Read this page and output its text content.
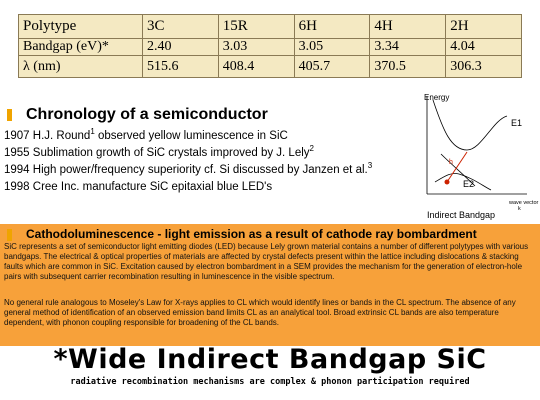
Polytype	3C	15R	6H	4H	2H
Bandgap (eV)*	2.40	3.03	3.05	3.34	4.04
λ (nm)	515.6	408.4	405.7	370.5	306.3
Chronology of a semiconductor
1907 H.J. Round$^1$ observed yellow luminescence in SiC
1955 Sublimation growth of SiC crystals improved by J. Lely$^2$
1994 High power/frequency superiority cf. Si discussed by Janzen et al.$^3$
1998 Cree Inc. manufacture SiC epitaxial blue LED's
Energy
h
E1
E2
wave vector
k
Indirect Bandgap
Cathodoluminescence - light emission as a result of cathode ray bombardment
SiC represents a set of semiconductor light emitting diodes (LED) because Lely grown material contains a number of different polytypes with various bandgaps. The electrical & optical properties of materials are affected by crystal defects present within the lattice including dislocations & stacking faults which are common in SiC. Excitation caused by electron bombardment in a SEM provides the mechanism for the generation of electron-hole pairs with subsequent carrier recombination resulting in luminescence in the visible spectrum.
No general rule analogous to Moseley's Law for X-rays applies to CL which would identify lines or bands in the CL spectrum. The absence of any general method of identification of an observed emission band limits CL as an analytical tool. Broad extrinsic CL bands are also temperature dependent, with phonon coupling responsible for broadening of the CL bands.
*Wide Indirect Bandgap SiC
radiative recombination mechanisms are complex & phonon participation required
